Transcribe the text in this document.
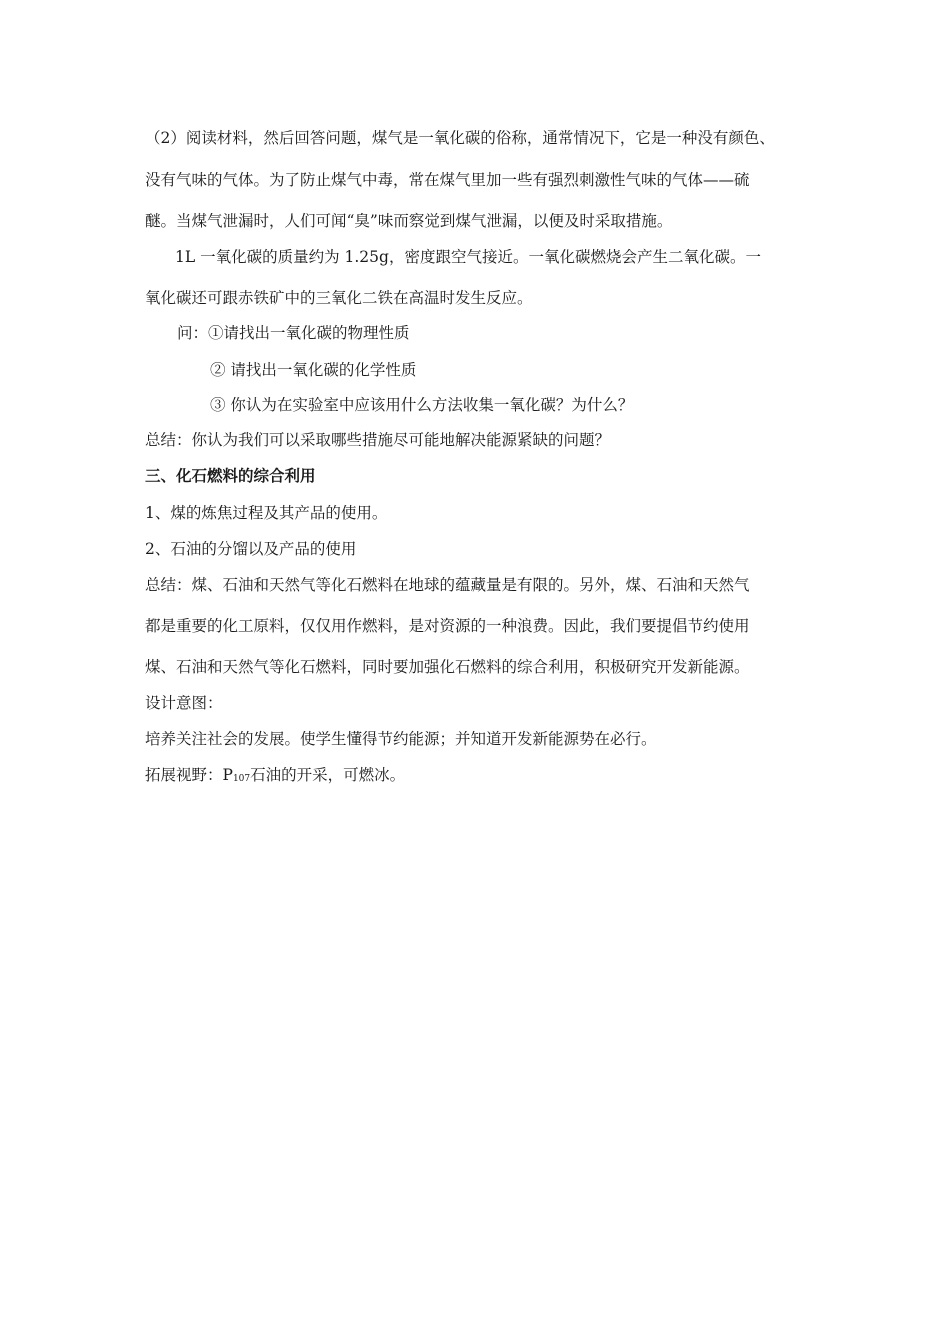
（2）阅读材料，然后回答问题，煤气是一氧化碳的俗称，通常情况下，它是一种没有颜色、
没有气味的气体。为了防止煤气中毒，常在煤气里加一些有强烈刺激性气味的气体——硫
醚。当煤气泄漏时，人们可闻“臭”味而察觉到煤气泄漏，以便及时采取措施。
1L 一氧化碳的质量约为 1.25g，密度跟空气接近。一氧化碳燃烧会产生二氧化碳。一
氧化碳还可跟赤铁矿中的三氧化二铁在高温时发生反应。
问：①请找出一氧化碳的物理性质
② 请找出一氧化碳的化学性质
③ 你认为在实验室中应该用什么方法收集一氧化碳？为什么？
总结：你认为我们可以采取哪些措施尽可能地解决能源紧缺的问题？
三、化石燃料的综合利用
1、煤的炼焦过程及其产品的使用。
2、石油的分馏以及产品的使用
总结：煤、石油和天然气等化石燃料在地球的蕴藏量是有限的。另外，煤、石油和天然气
都是重要的化工原料，仅仅用作燃料，是对资源的一种浪费。因此，我们要提倡节约使用
煤、石油和天然气等化石燃料，同时要加强化石燃料的综合利用，积极研究开发新能源。
设计意图：
培养关注社会的发展。使学生懂得节约能源；并知道开发新能源势在必行。
拓展视野：P107石油的开采，可燃冰。
